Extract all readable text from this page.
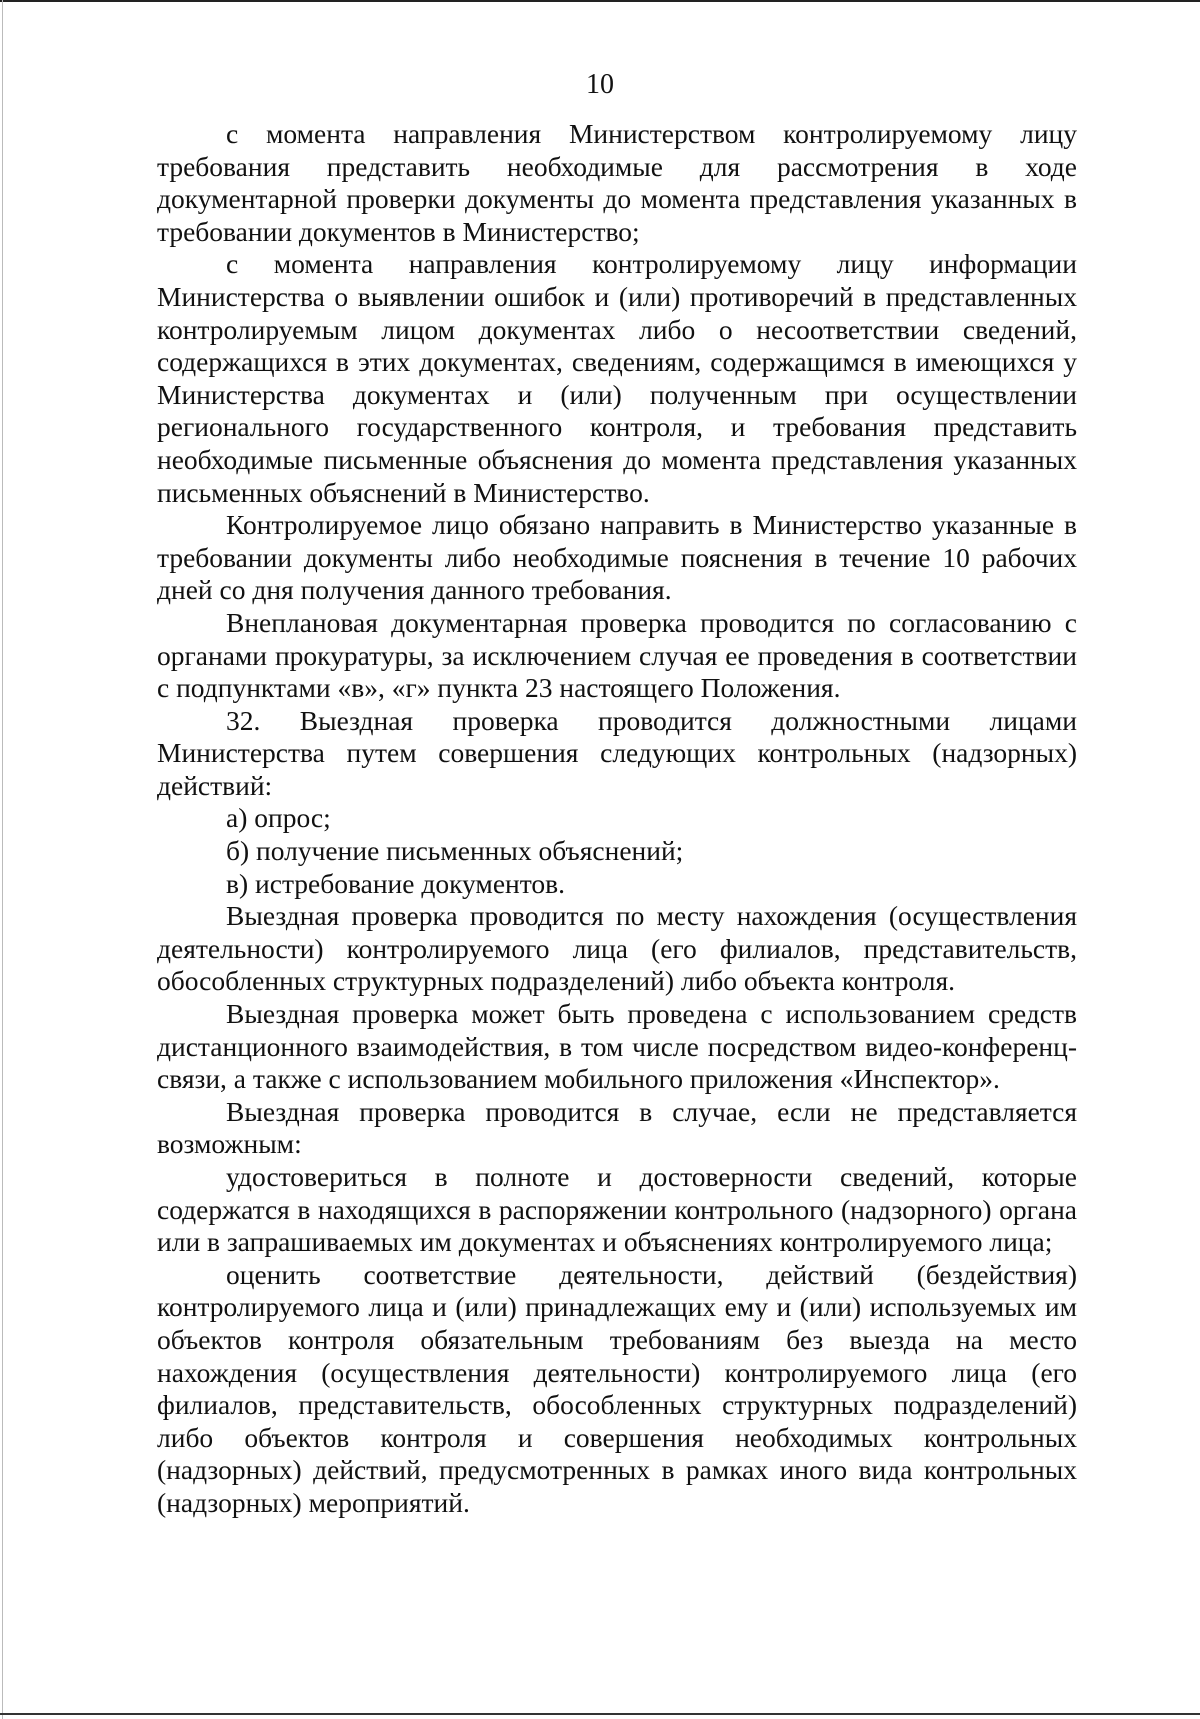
10

с момента направления Министерством контролируемому лицу требования представить необходимые для рассмотрения в ходе документарной проверки документы до момента представления указанных в требовании документов в Министерство;

с момента направления контролируемому лицу информации Министерства о выявлении ошибок и (или) противоречий в представленных контролируемым лицом документах либо о несоответствии сведений, содержащихся в этих документах, сведениям, содержащимся в имеющихся у Министерства документах и (или) полученным при осуществлении регионального государственного контроля, и требования представить необходимые письменные объяснения до момента представления указанных письменных объяснений в Министерство.

Контролируемое лицо обязано направить в Министерство указанные в требовании документы либо необходимые пояснения в течение 10 рабочих дней со дня получения данного требования.

Внеплановая документарная проверка проводится по согласованию с органами прокуратуры, за исключением случая ее проведения в соответствии с подпунктами «в», «г» пункта 23 настоящего Положения.

32. Выездная проверка проводится должностными лицами Министерства путем совершения следующих контрольных (надзорных) действий:

а) опрос;

б) получение письменных объяснений;

в) истребование документов.

Выездная проверка проводится по месту нахождения (осуществления деятельности) контролируемого лица (его филиалов, представительств, обособленных структурных подразделений) либо объекта контроля.

Выездная проверка может быть проведена с использованием средств дистанционного взаимодействия, в том числе посредством видео-конференц-связи, а также с использованием мобильного приложения «Инспектор».

Выездная проверка проводится в случае, если не представляется возможным:

удостовериться в полноте и достоверности сведений, которые содержатся в находящихся в распоряжении контрольного (надзорного) органа или в запрашиваемых им документах и объяснениях контролируемого лица;

оценить соответствие деятельности, действий (бездействия) контролируемого лица и (или) принадлежащих ему и (или) используемых им объектов контроля обязательным требованиям без выезда на место нахождения (осуществления деятельности) контролируемого лица (его филиалов, представительств, обособленных структурных подразделений) либо объектов контроля и совершения необходимых контрольных (надзорных) действий, предусмотренных в рамках иного вида контрольных (надзорных) мероприятий.
